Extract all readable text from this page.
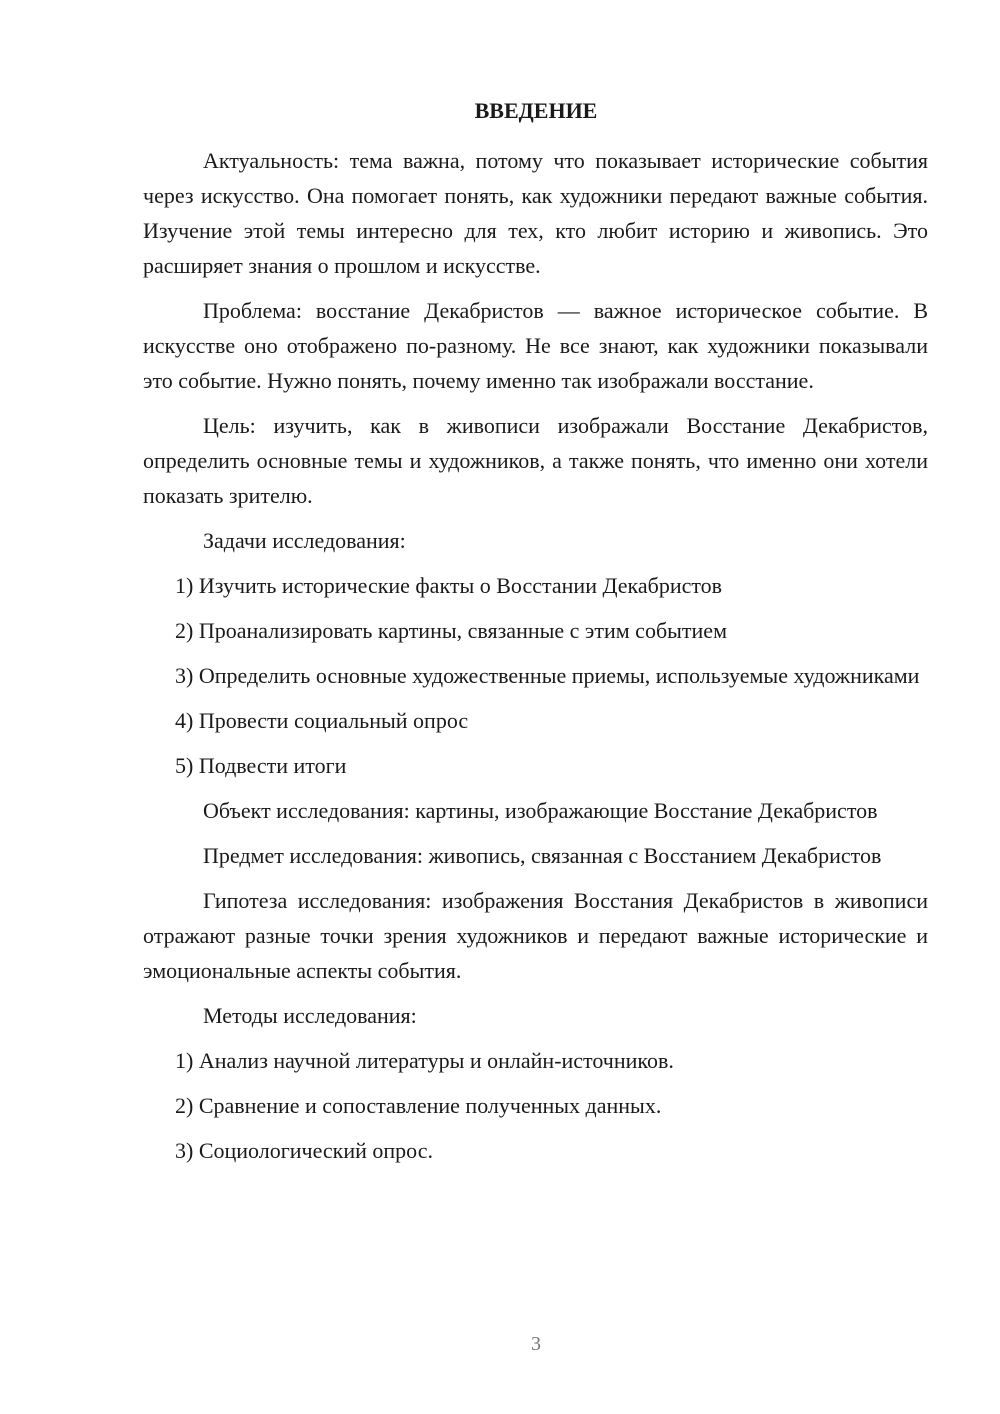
ВВЕДЕНИЕ

Актуальность: тема важна, потому что показывает исторические события через искусство. Она помогает понять, как художники передают важные события. Изучение этой темы интересно для тех, кто любит историю и живопись. Это расширяет знания о прошлом и искусстве.

Проблема: восстание Декабристов — важное историческое событие. В искусстве оно отображено по-разному. Не все знают, как художники показывали это событие. Нужно понять, почему именно так изображали восстание.

Цель: изучить, как в живописи изображали Восстание Декабристов, определить основные темы и художников, а также понять, что именно они хотели показать зрителю.

Задачи исследования:

1) Изучить исторические факты о Восстании Декабристов

2) Проанализировать картины, связанные с этим событием

3) Определить основные художественные приемы, используемые художниками

4) Провести социальный опрос

5) Подвести итоги

Объект исследования: картины, изображающие Восстание Декабристов

Предмет исследования: живопись, связанная с Восстанием Декабристов

Гипотеза исследования: изображения Восстания Декабристов в живописи отражают разные точки зрения художников и передают важные исторические и эмоциональные аспекты события.

Методы исследования:

1) Анализ научной литературы и онлайн-источников.

2) Сравнение и сопоставление полученных данных.

3) Социологический опрос.

3
